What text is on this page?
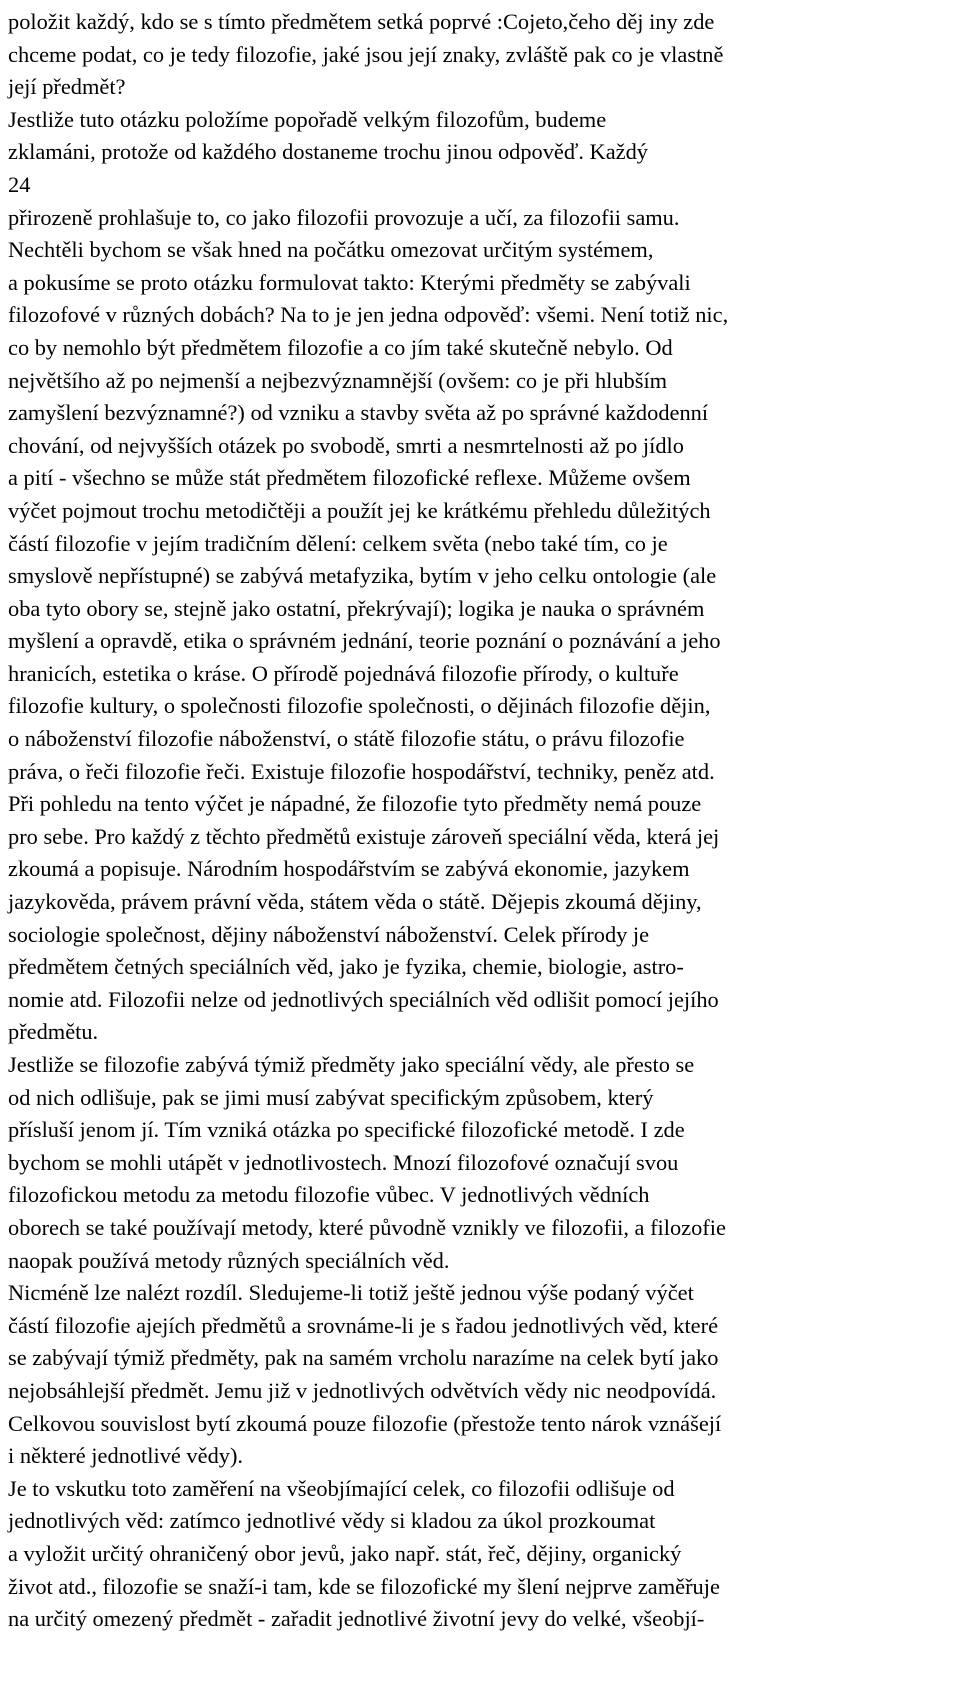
položit každý, kdo se s tímto předmětem setká poprvé :Cojeto,čeho děj iny zde
chceme podat, co je tedy filozofie, jaké jsou její znaky, zvláště pak co je vlastně
její předmět?
Jestliže tuto otázku položíme popořadě velkým filozofům, budeme
zklamáni, protože od každého dostaneme trochu jinou odpověď. Každý
24
přirozeně prohlašuje to, co jako filozofii provozuje a učí, za filozofii samu.
Nechtěli bychom se však hned na počátku omezovat určitým systémem,
a pokusíme se proto otázku formulovat takto: Kterými předměty se zabývali
filozofové v různých dobách? Na to je jen jedna odpověď: všemi. Není totiž nic,
co by nemohlo být předmětem filozofie a co jím také skutečně nebylo. Od
největšího až po nejmenší a nejbezvýznamnější (ovšem: co je při hlubším
zamyšlení bezvýznamné?) od vzniku a stavby světa až po správné každodenní
chování, od nejvyšších otázek po svobodě, smrti a nesmrtelnosti až po jídlo
a pití - všechno se může stát předmětem filozofické reflexe. Můžeme ovšem
výčet pojmout trochu metodičtěji a použít jej ke krátkému přehledu důležitých
částí filozofie v jejím tradičním dělení: celkem světa (nebo také tím, co je
smyslově nepřístupné) se zabývá metafyzika, bytím v jeho celku ontologie (ale
oba tyto obory se, stejně jako ostatní, překrývají); logika je nauka o správném
myšlení a opravdě, etika o správném jednání, teorie poznání o poznávání a jeho
hranicích, estetika o kráse. O přírodě pojednává filozofie přírody, o kultuře
filozofie kultury, o společnosti filozofie společnosti, o dějinách filozofie dějin,
o náboženství filozofie náboženství, o státě filozofie státu, o právu filozofie
práva, o řeči filozofie řeči. Existuje filozofie hospodářství, techniky, peněz atd.
Při pohledu na tento výčet je nápadné, že filozofie tyto předměty nemá pouze
pro sebe. Pro každý z těchto předmětů existuje zároveň speciální věda, která jej
zkoumá a popisuje. Národním hospodářstvím se zabývá ekonomie, jazykem
jazykověda, právem právní věda, státem věda o státě. Dějepis zkoumá dějiny,
sociologie společnost, dějiny náboženství náboženství. Celek přírody je
předmětem četných speciálních věd, jako je fyzika, chemie, biologie, astro-
nomie atd. Filozofii nelze od jednotlivých speciálních věd odlišit pomocí jejího
předmětu.
Jestliže se filozofie zabývá týmiž předměty jako speciální vědy, ale přesto se
od nich odlišuje, pak se jimi musí zabývat specifickým způsobem, který
přísluší jenom jí. Tím vzniká otázka po specifické filozofické metodě. I zde
bychom se mohli utápět v jednotlivostech. Mnozí filozofové označují svou
filozofickou metodu za metodu filozofie vůbec. V jednotlivých vědních
oborech se také používají metody, které původně vznikly ve filozofii, a filozofie
naopak používá metody různých speciálních věd.
Nicméně lze nalézt rozdíl. Sledujeme-li totiž ještě jednou výše podaný výčet
částí filozofie ajejích předmětů a srovnáme-li je s řadou jednotlivých věd, které
se zabývají týmiž předměty, pak na samém vrcholu narazíme na celek bytí jako
nejobsáhlejší předmět. Jemu již v jednotlivých odvětvích vědy nic neodpovídá.
Celkovou souvislost bytí zkoumá pouze filozofie (přestože tento nárok vznášejí
i některé jednotlivé vědy).
Je to vskutku toto zaměření na všeobjímající celek, co filozofii odlišuje od
jednotlivých věd: zatímco jednotlivé vědy si kladou za úkol prozkoumat
a vyložit určitý ohraničený obor jevů, jako např. stát, řeč, dějiny, organický
život atd., filozofie se snaží-i tam, kde se filozofické my šlení nejprve zaměřuje
na určitý omezený předmět - zařadit jednotlivé životní jevy do velké, všeobjí-
